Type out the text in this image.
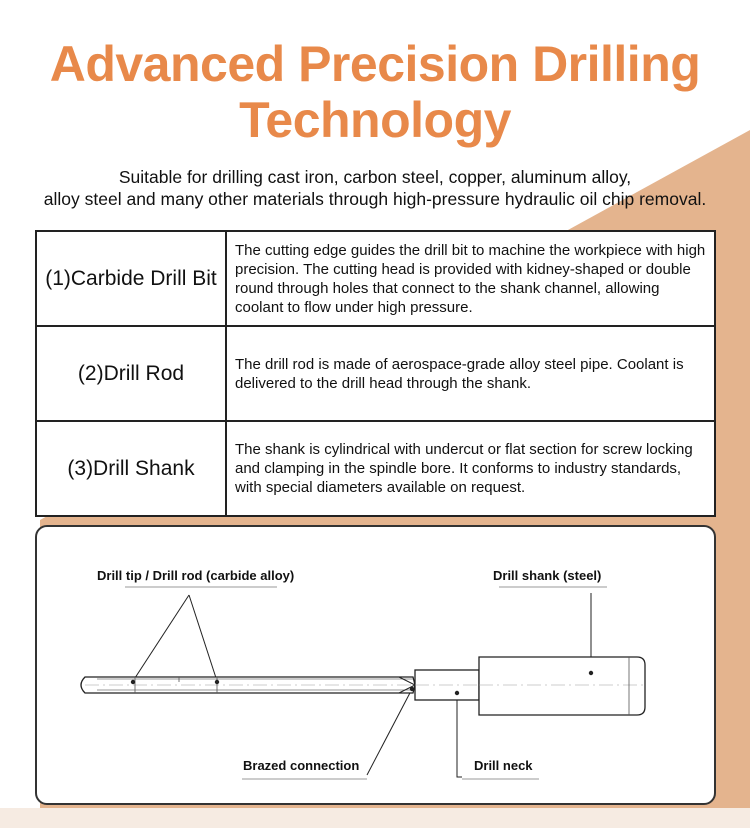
Advanced Precision Drilling
Technology
Suitable for drilling cast iron, carbon steel, copper, aluminum alloy,
alloy steel and many other materials through high-pressure hydraulic oil chip removal.
(1)Carbide Drill Bit	The cutting edge guides the drill bit to machine the workpiece with high precision. The cutting head is provided with kidney-shaped or double round through holes that connect to the shank channel, allowing coolant to flow under high pressure.
(2)Drill Rod	The drill rod is made of aerospace-grade alloy steel pipe. Coolant is delivered to the drill head through the shank.
(3)Drill Shank	The shank is cylindrical with undercut or flat section for screw locking and clamping in the spindle bore. It conforms to industry standards, with special diameters available on request.
Drill tip / Drill rod (carbide alloy)	Drill shank (steel)
Brazed connection	Drill neck
